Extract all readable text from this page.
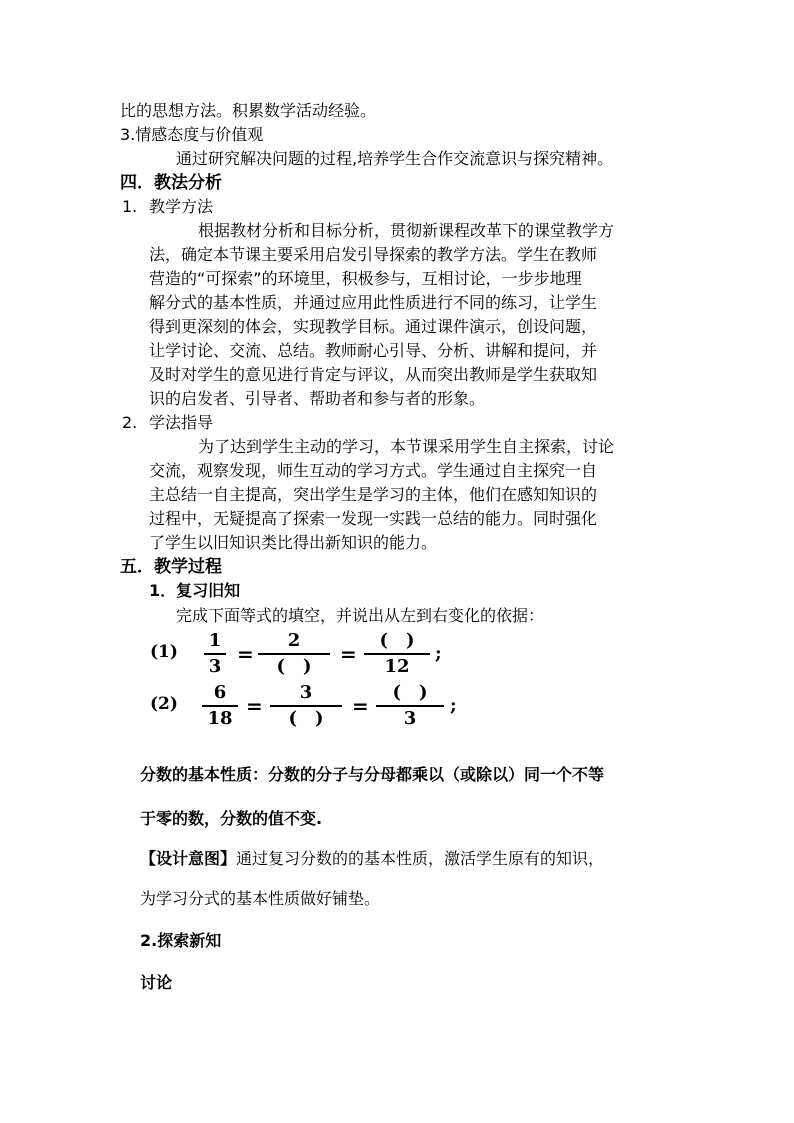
比的思想方法。积累数学活动经验。
3.情感态度与价值观
通过研究解决问题的过程,培养学生合作交流意识与探究精神。
四．教法分析
1. 教学方法
根据教材分析和目标分析，贯彻新课程改革下的课堂教学方
法，确定本节课主要采用启发引导探索的教学方法。学生在教师
营造的“可探索”的环境里，积极参与，互相讨论，一步步地理
解分式的基本性质，并通过应用此性质进行不同的练习，让学生
得到更深刻的体会，实现教学目标。通过课件演示，创设问题，
让学讨论、交流、总结。教师耐心引导、分析、讲解和提问，并
及时对学生的意见进行肯定与评议，从而突出教师是学生获取知
识的启发者、引导者、帮助者和参与者的形象。
2. 学法指导
为了达到学生主动的学习，本节课采用学生自主探索，讨论
交流，观察发现，师生互动的学习方式。学生通过自主探究一自
主总结一自主提高，突出学生是学习的主体，他们在感知知识的
过程中，无疑提高了探索一发现一实践一总结的能力。同时强化
了学生以旧知识类比得出新知识的能力。
五．教学过程
1．复习旧知
完成下面等式的填空，并说出从左到右变化的依据：
(1)
1
3
=
2
(　)
=
(　)
12
;
(2)
6
18
=
3
(　)
=
(　)
3
;
分数的基本性质：分数的分子与分母都乘以（或除以）同一个不等
于零的数，分数的值不变.
【设计意图】通过复习分数的的基本性质，激活学生原有的知识，
为学习分式的基本性质做好铺垫。
2.探索新知
讨论
